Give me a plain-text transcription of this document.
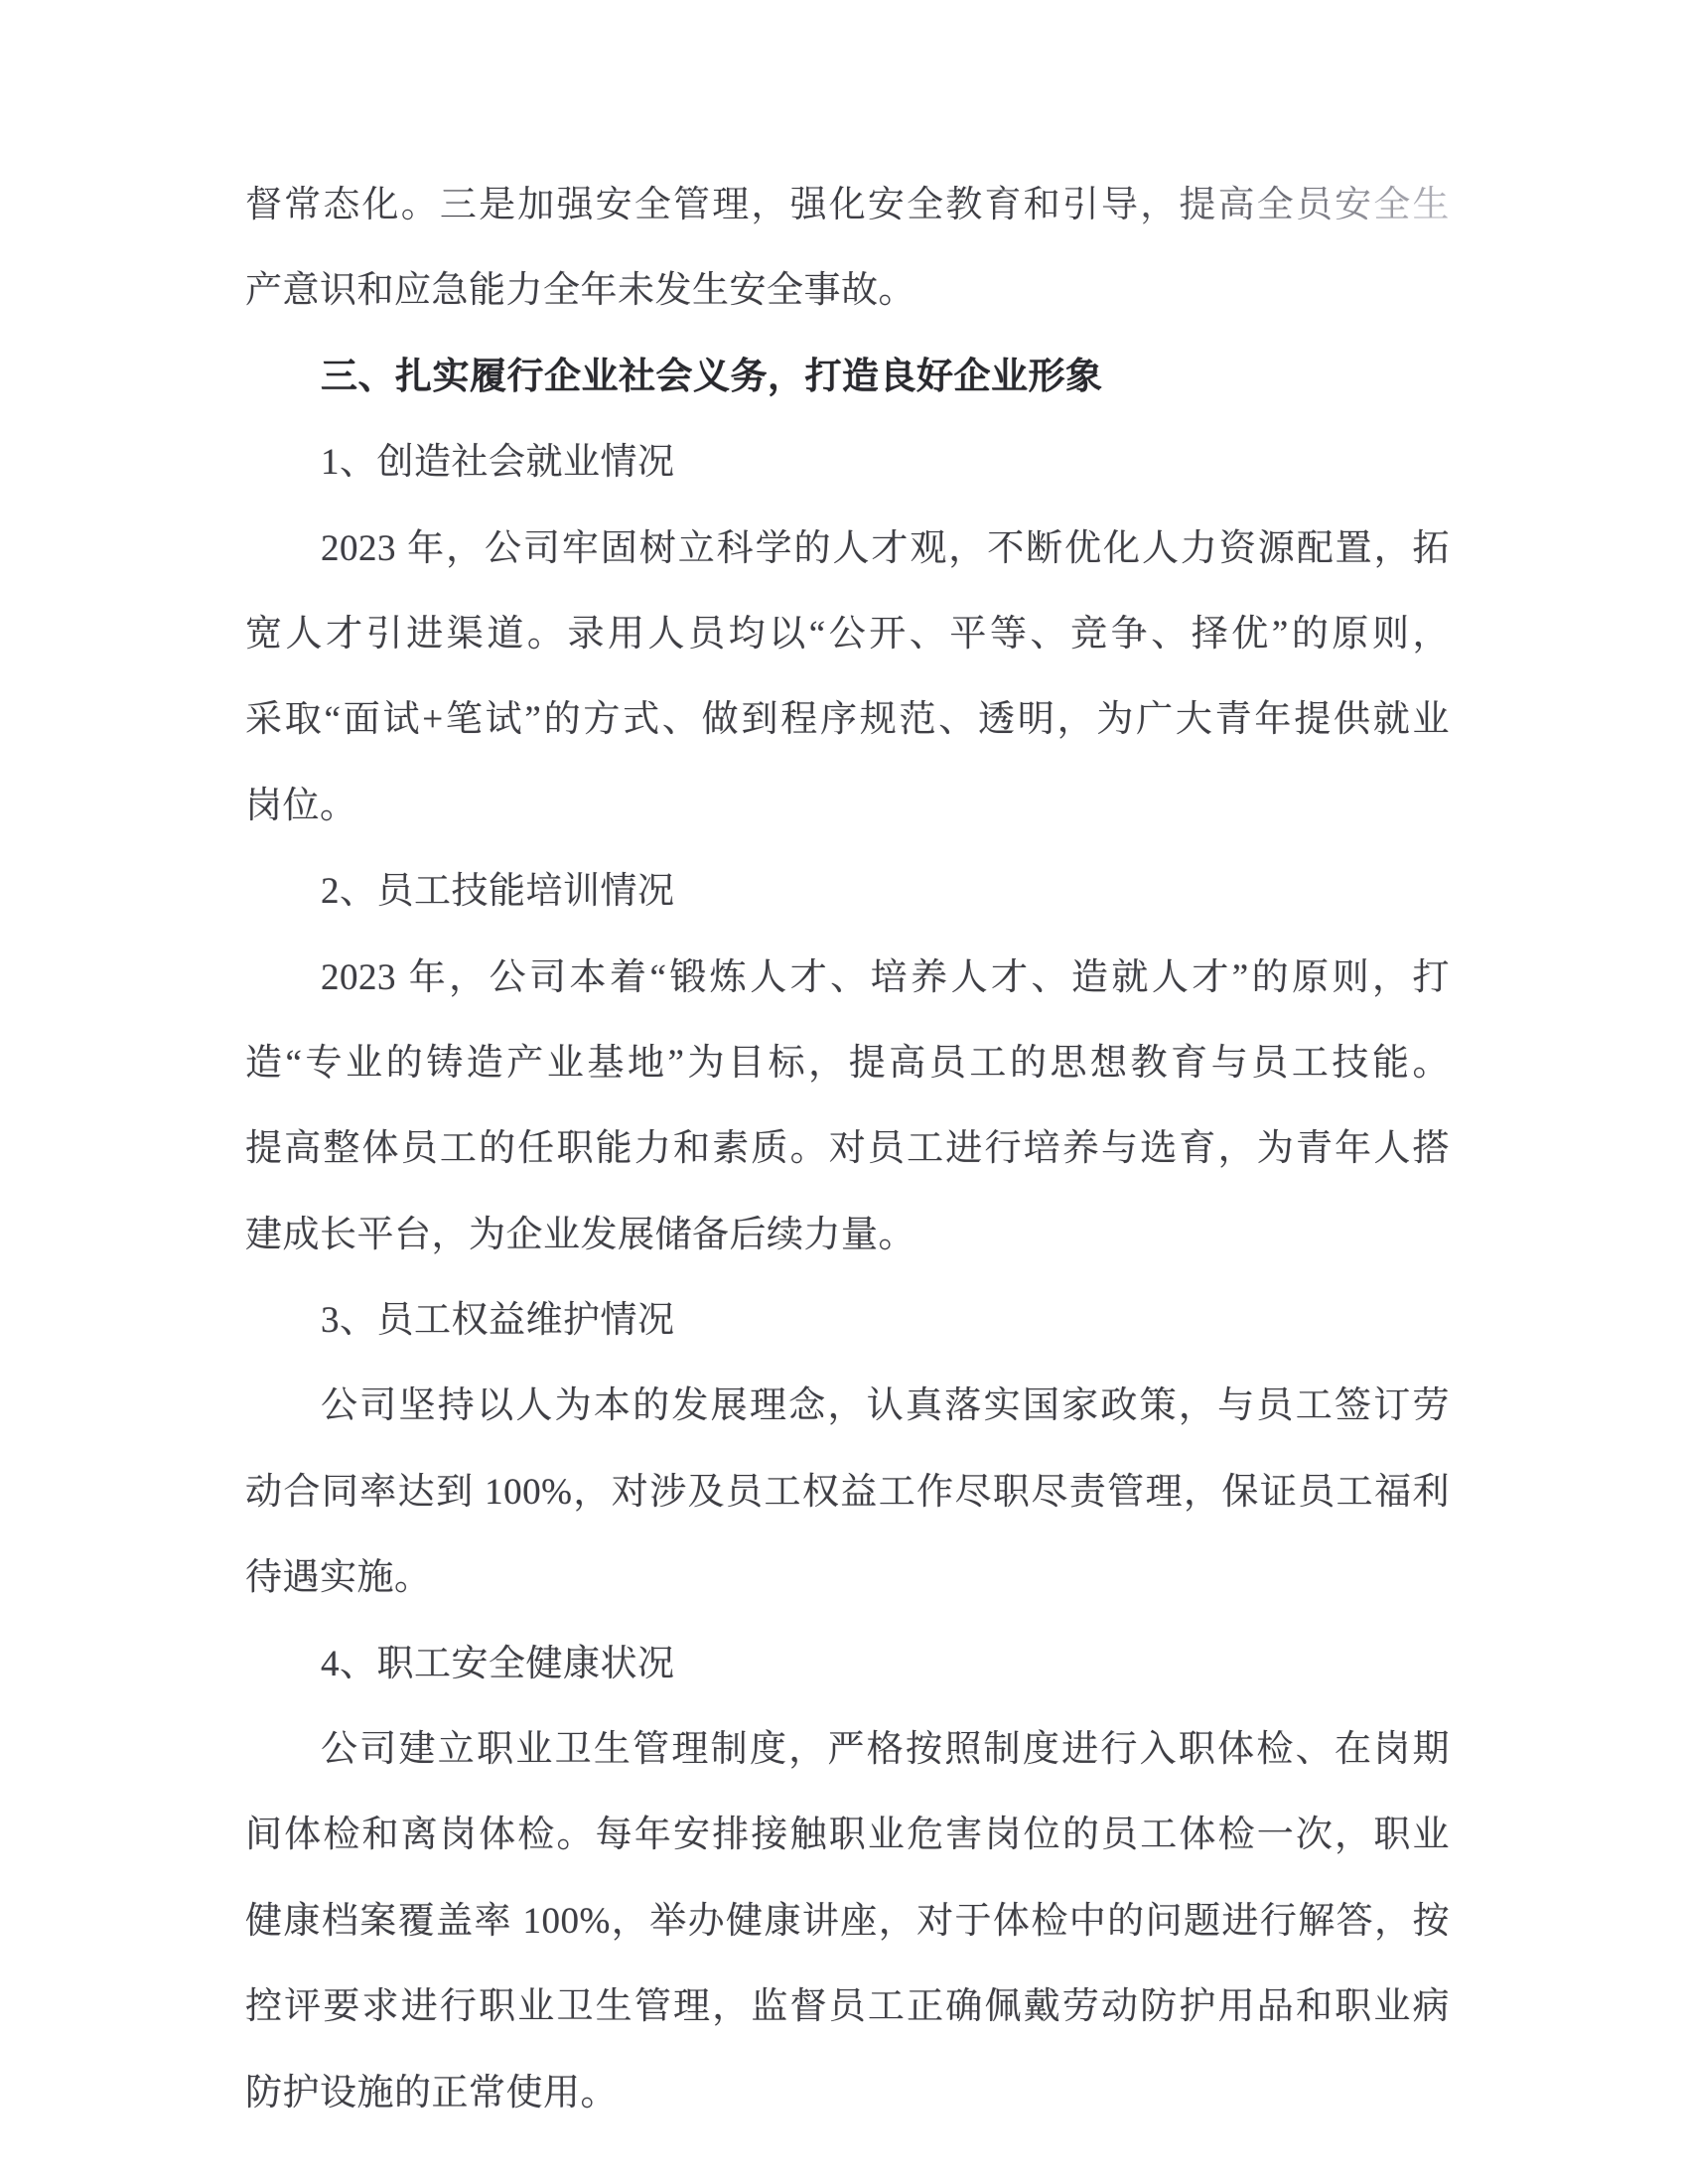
督常态化。三是加强安全管理，强化安全教育和引导，提高全员安全生
产意识和应急能力全年未发生安全事故。
三、扎实履行企业社会义务，打造良好企业形象
1、创造社会就业情况
2023 年，公司牢固树立科学的人才观，不断优化人力资源配置，拓
宽人才引进渠道。录用人员均以“公开、平等、竞争、择优”的原则，
采取“面试+笔试”的方式、做到程序规范、透明，为广大青年提供就业
岗位。
2、员工技能培训情况
2023 年，公司本着“锻炼人才、培养人才、造就人才”的原则，打
造“专业的铸造产业基地”为目标，提高员工的思想教育与员工技能。
提高整体员工的任职能力和素质。对员工进行培养与选育，为青年人搭
建成长平台，为企业发展储备后续力量。
3、员工权益维护情况
公司坚持以人为本的发展理念，认真落实国家政策，与员工签订劳
动合同率达到 100%，对涉及员工权益工作尽职尽责管理，保证员工福利
待遇实施。
4、职工安全健康状况
公司建立职业卫生管理制度，严格按照制度进行入职体检、在岗期
间体检和离岗体检。每年安排接触职业危害岗位的员工体检一次，职业
健康档案覆盖率 100%，举办健康讲座，对于体检中的问题进行解答，按
控评要求进行职业卫生管理，监督员工正确佩戴劳动防护用品和职业病
防护设施的正常使用。
